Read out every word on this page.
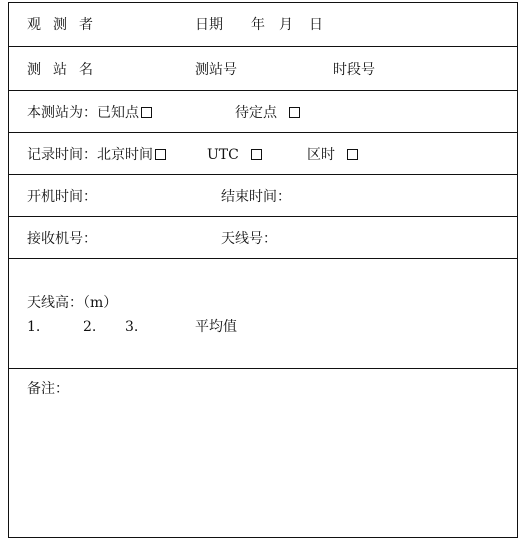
观测者	日期 年 月 日
测站名	测站号	时段号
本测站为：已知点	待定点
记录时间：北京时间	UTC	区时
开机时间：	结束时间：
接收机号：	天线号：
天线高：（m）
1.	2. 3.	平均值
备注：
